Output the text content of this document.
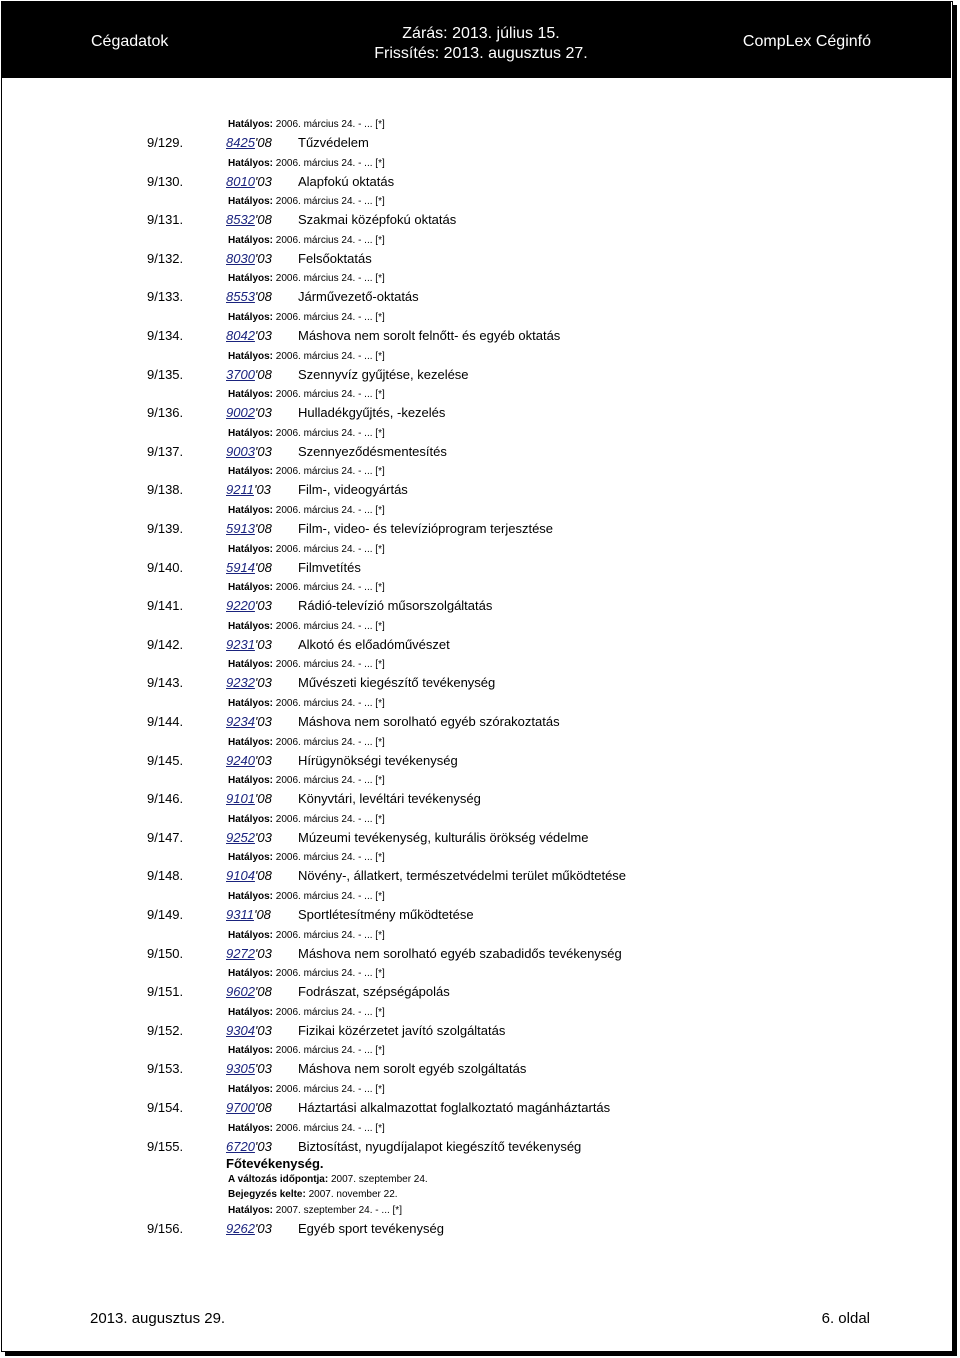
Cégadatok	Zárás: 2013. július 15.
Frissítés: 2013. augusztus 27.
CompLex Céginfó
Hatályos: 2006. március 24. - ... [*]
9/129.	8425'08 Tűzvédelem
Hatályos: 2006. március 24. - ... [*]
9/130.	8010'03 Alapfokú oktatás
Hatályos: 2006. március 24. - ... [*]
9/131.	8532'08 Szakmai középfokú oktatás
Hatályos: 2006. március 24. - ... [*]
9/132.	8030'03 Felsőoktatás
Hatályos: 2006. március 24. - ... [*]
9/133.	8553'08 Járművezető-oktatás
Hatályos: 2006. március 24. - ... [*]
9/134.	8042'03 Máshova nem sorolt felnőtt- és egyéb oktatás
Hatályos: 2006. március 24. - ... [*]
9/135.	3700'08 Szennyvíz gyűjtése, kezelése
Hatályos: 2006. március 24. - ... [*]
9/136.	9002'03 Hulladékgyűjtés, -kezelés
Hatályos: 2006. március 24. - ... [*]
9/137.	9003'03 Szennyeződésmentesítés
Hatályos: 2006. március 24. - ... [*]
9/138.	9211'03 Film-, videogyártás
Hatályos: 2006. március 24. - ... [*]
9/139.	5913'08 Film-, video- és televízióprogram terjesztése
Hatályos: 2006. március 24. - ... [*]
9/140.	5914'08 Filmvetítés
Hatályos: 2006. március 24. - ... [*]
9/141.	9220'03 Rádió-televízió műsorszolgáltatás
Hatályos: 2006. március 24. - ... [*]
9/142.	9231'03 Alkotó és előadóművészet
Hatályos: 2006. március 24. - ... [*]
9/143.	9232'03 Művészeti kiegészítő tevékenység
Hatályos: 2006. március 24. - ... [*]
9/144.	9234'03 Máshova nem sorolható egyéb szórakoztatás
Hatályos: 2006. március 24. - ... [*]
9/145.	9240'03 Hírügynökségi tevékenység
Hatályos: 2006. március 24. - ... [*]
9/146.	9101'08 Könyvtári, levéltári tevékenység
Hatályos: 2006. március 24. - ... [*]
9/147.	9252'03 Múzeumi tevékenység, kulturális örökség védelme
Hatályos: 2006. március 24. - ... [*]
9/148.	9104'08 Növény-, állatkert, természetvédelmi terület működtetése
Hatályos: 2006. március 24. - ... [*]
9/149.	9311'08 Sportlétesítmény működtetése
Hatályos: 2006. március 24. - ... [*]
9/150.	9272'03 Máshova nem sorolható egyéb szabadidős tevékenység
Hatályos: 2006. március 24. - ... [*]
9/151.	9602'08 Fodrászat, szépségápolás
Hatályos: 2006. március 24. - ... [*]
9/152.	9304'03 Fizikai közérzetet javító szolgáltatás
Hatályos: 2006. március 24. - ... [*]
9/153.	9305'03 Máshova nem sorolt egyéb szolgáltatás
Hatályos: 2006. március 24. - ... [*]
9/154.	9700'08 Háztartási alkalmazottat foglalkoztató magánháztartás
Hatályos: 2006. március 24. - ... [*]
9/155.	6720'03 Biztosítást, nyugdíjalapot kiegészítő tevékenység
9/156.	9262'03 Egyéb sport tevékenység
Főtevékenység.
A változás időpontja: 2007. szeptember 24.
Bejegyzés kelte: 2007. november 22.
Hatályos: 2007. szeptember 24. - ... [*]
2013. augusztus 29.	6. oldal
